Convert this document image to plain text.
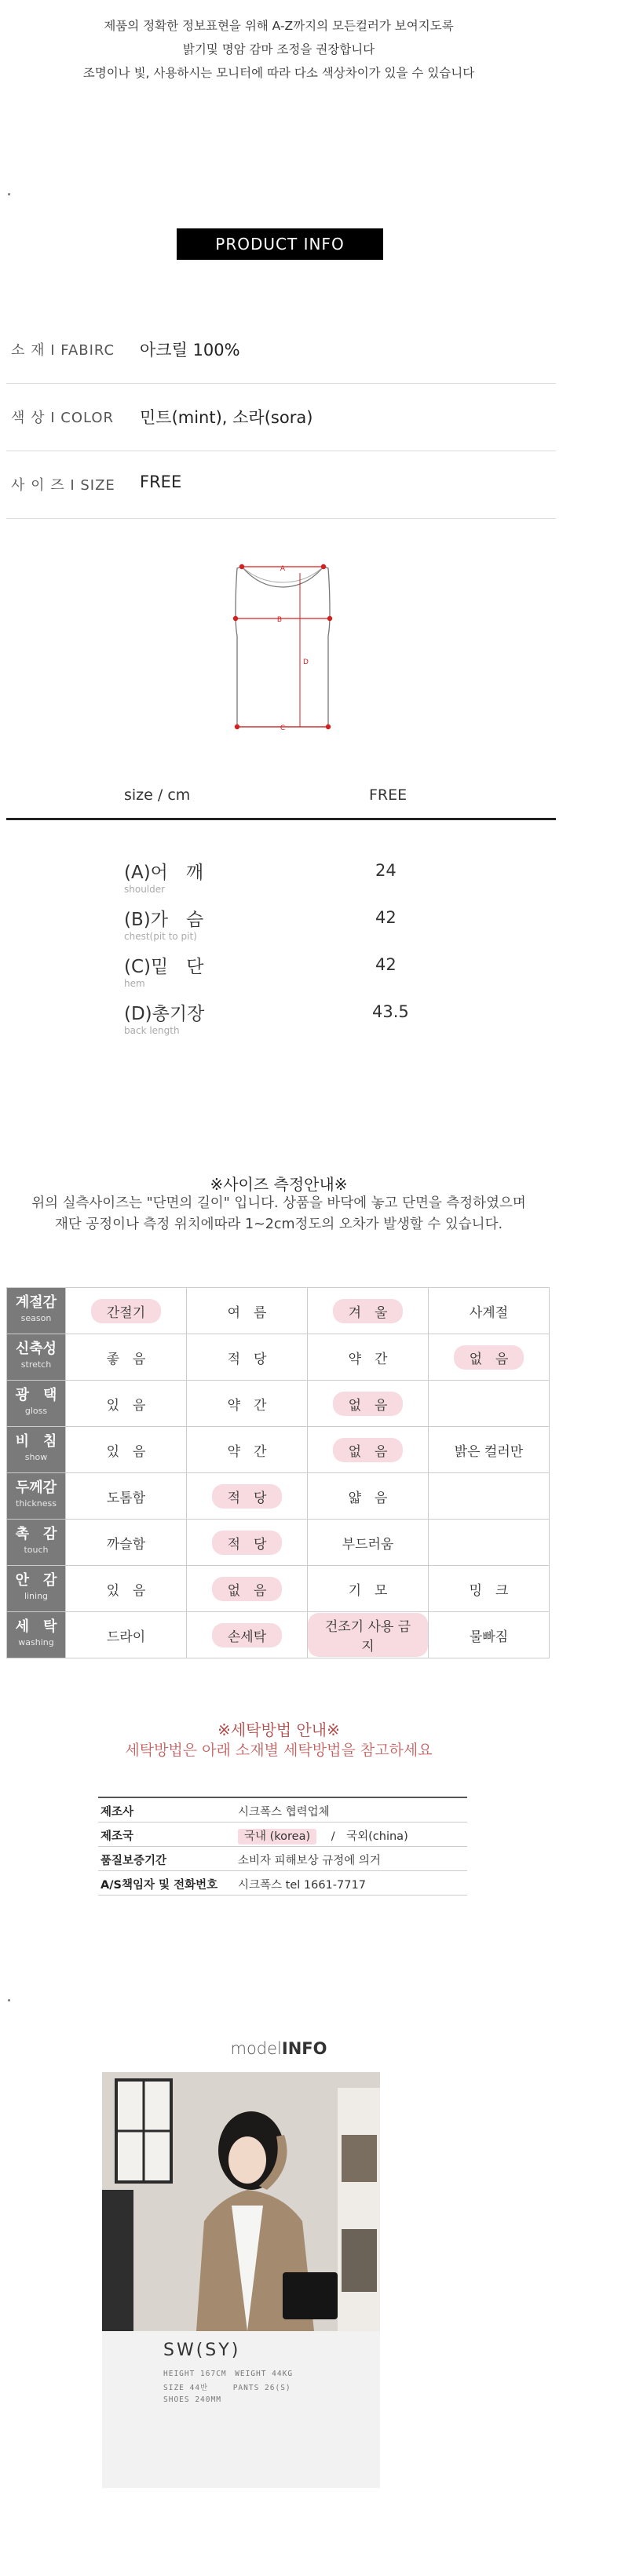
제품의 정확한 정보표현을 위해 A-Z까지의 모든컬러가 보여지도록
밝기및 명암 감마 조정을 권장합니다
조명이나 빛, 사용하시는 모니터에 따라 다소 색상차이가 있을 수 있습니다
PRODUCT INFO
소 재 I FABIRC 아크릴 100%
색 상 I COLOR 민트(mint), 소라(sora)
사 이 즈 I SIZE FREE
A
B
D
C
size / cm	FREE
(A)어　깨
shoulder
24
(B)가　슴
chest(pit to pit)
42
(C)밑　단
hem
42
(D)총기장
back length
43.5
※사이즈 측정안내※
위의 실측사이즈는 "단면의 길이" 입니다. 상품을 바닥에 놓고 단면을 측정하였으며
재단 공정이나 측정 위치에따라 1~2cm정도의 오차가 발생할 수 있습니다.
계절감
season	간절기	여　름	겨　울	사계절
신축성
stretch	좋　음	적　당	약　간	없　음
광　택
gloss	있　음	약　간	없　음	
비　침
show	있　음	약　간	없　음	밝은 컬러만
두께감
thickness	도톰함	적　당	얇　음	
촉　감
touch	까슬함	적　당	부드러움	
안　감
lining	있　음	없　음	기　모	밍　크
세　탁
washing	드라이	손세탁	건조기 사용 금지	물빠짐
※세탁방법 안내※
세탁방법은 아래 소재별 세탁방법을 참고하세요
제조사	시크폭스 협력업체
제조국	국내 (korea) /　국외(china)
품질보증기간	소비자 피해보상 규정에 의거
A/S책임자 및 전화번호 시크폭스 tel 1661-7717
modelINFO
SW(SY)
HEIGHT 167CM　WEIGHT 44KG
SIZE 44반　　　PANTS 26(S)
SHOES 240MM
